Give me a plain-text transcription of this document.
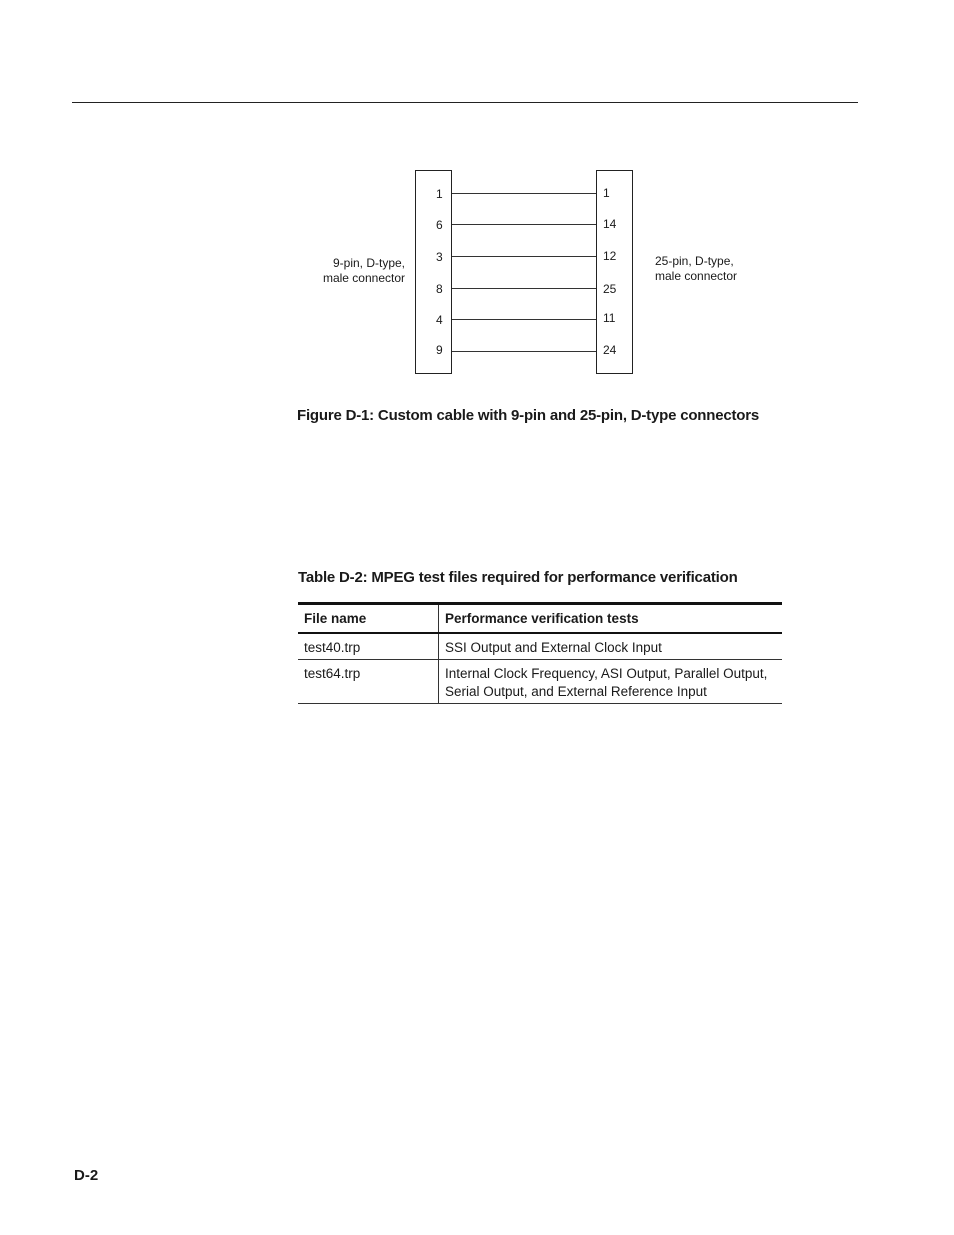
1
6
3
8
4
9
1
14
12
25
11
24
9-pin, D-type,
male connector
25-pin, D-type,
male connector
Figure D-1: Custom cable with 9-pin and 25-pin, D-type connectors
Table D-2: MPEG test files required for performance verification
File name	Performance verification tests
test40.trp	SSI Output and External Clock Input

test64.trp	Internal Clock Frequency, ASI Output, Parallel Output,
Serial Output, and External Reference Input
D-2
